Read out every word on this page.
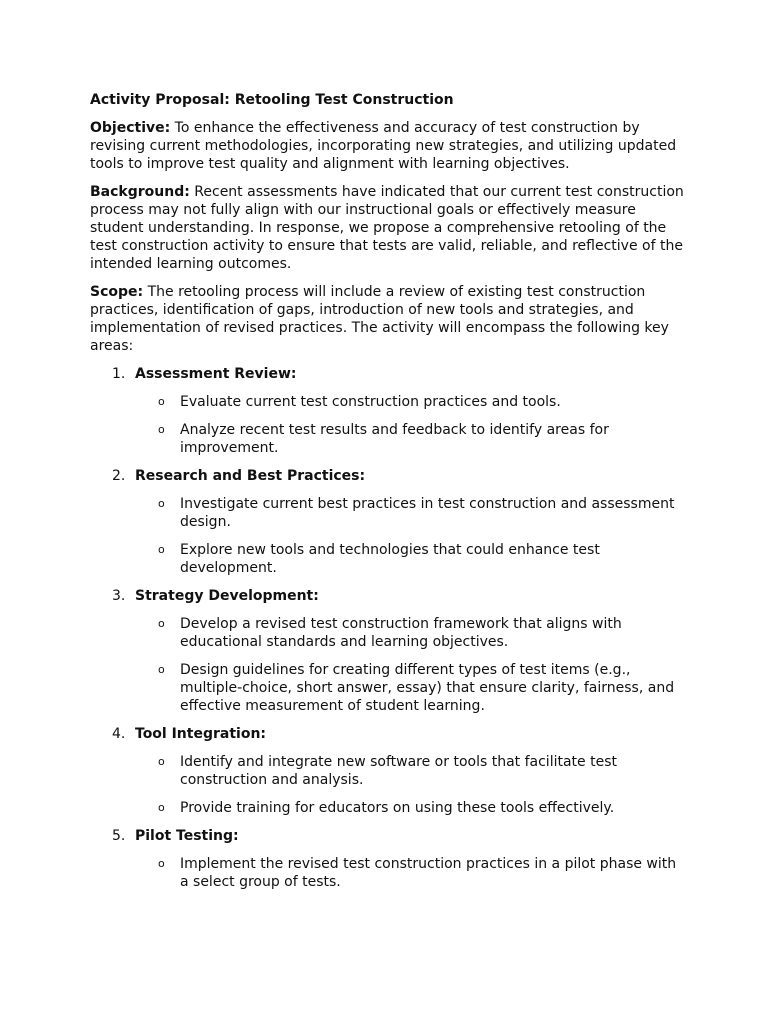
Activity Proposal: Retooling Test Construction

Objective: To enhance the effectiveness and accuracy of test construction by revising current methodologies, incorporating new strategies, and utilizing updated tools to improve test quality and alignment with learning objectives.

Background: Recent assessments have indicated that our current test construction process may not fully align with our instructional goals or effectively measure student understanding. In response, we propose a comprehensive retooling of the test construction activity to ensure that tests are valid, reliable, and reflective of the intended learning outcomes.

Scope: The retooling process will include a review of existing test construction practices, identification of gaps, introduction of new tools and strategies, and implementation of revised practices. The activity will encompass the following key areas:

1. Assessment Review:
o Evaluate current test construction practices and tools.
o Analyze recent test results and feedback to identify areas for improvement.
2. Research and Best Practices:
o Investigate current best practices in test construction and assessment design.
o Explore new tools and technologies that could enhance test development.
3. Strategy Development:
o Develop a revised test construction framework that aligns with educational standards and learning objectives.
o Design guidelines for creating different types of test items (e.g., multiple-choice, short answer, essay) that ensure clarity, fairness, and effective measurement of student learning.
4. Tool Integration:
o Identify and integrate new software or tools that facilitate test construction and analysis.
o Provide training for educators on using these tools effectively.
5. Pilot Testing:
o Implement the revised test construction practices in a pilot phase with a select group of tests.
